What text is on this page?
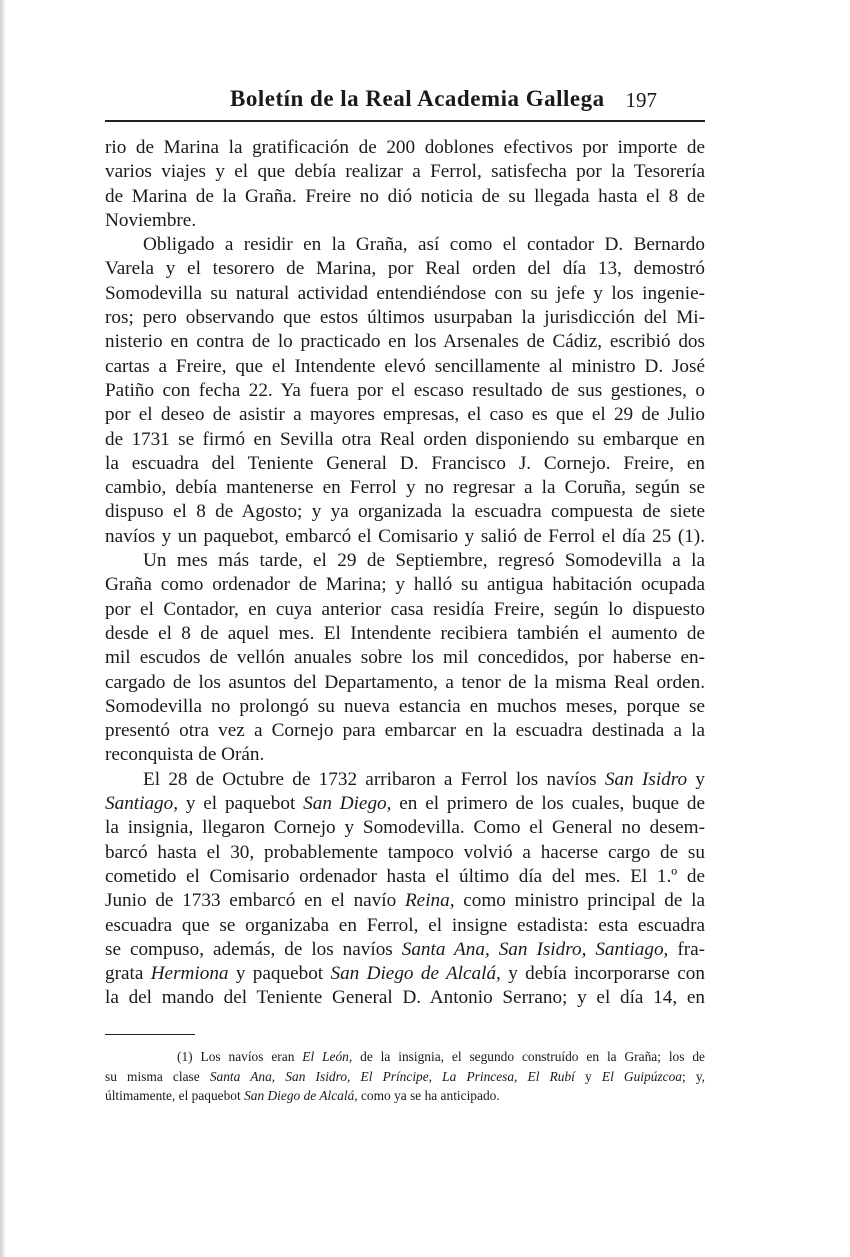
Boletín de la Real Academia Gallega 197
rio de Marina la gratificación de 200 doblones efectivos por importe de
varios viajes y el que debía realizar a Ferrol, satisfecha por la Tesorería
de Marina de la Graña. Freire no dió noticia de su llegada hasta el 8 de
Noviembre.
Obligado a residir en la Graña, así como el contador D. Bernardo
Varela y el tesorero de Marina, por Real orden del día 13, demostró
Somodevilla su natural actividad entendiéndose con su jefe y los ingenie-
ros; pero observando que estos últimos usurpaban la jurisdicción del Mi-
nisterio en contra de lo practicado en los Arsenales de Cádiz, escribió dos
cartas a Freire, que el Intendente elevó sencillamente al ministro D. José
Patiño con fecha 22. Ya fuera por el escaso resultado de sus gestiones, o
por el deseo de asistir a mayores empresas, el caso es que el 29 de Julio
de 1731 se firmó en Sevilla otra Real orden disponiendo su embarque en
la escuadra del Teniente General D. Francisco J. Cornejo. Freire, en
cambio, debía mantenerse en Ferrol y no regresar a la Coruña, según se
dispuso el 8 de Agosto; y ya organizada la escuadra compuesta de siete
navíos y un paquebot, embarcó el Comisario y salió de Ferrol el día 25 (1).
Un mes más tarde, el 29 de Septiembre, regresó Somodevilla a la
Graña como ordenador de Marina; y halló su antigua habitación ocupada
por el Contador, en cuya anterior casa residía Freire, según lo dispuesto
desde el 8 de aquel mes. El Intendente recibiera también el aumento de
mil escudos de vellón anuales sobre los mil concedidos, por haberse en-
cargado de los asuntos del Departamento, a tenor de la misma Real orden.
Somodevilla no prolongó su nueva estancia en muchos meses, porque se
presentó otra vez a Cornejo para embarcar en la escuadra destinada a la
reconquista de Orán.
El 28 de Octubre de 1732 arribaron a Ferrol los navíos San Isidro y
Santiago, y el paquebot San Diego, en el primero de los cuales, buque de
la insignia, llegaron Cornejo y Somodevilla. Como el General no desem-
barcó hasta el 30, probablemente tampoco volvió a hacerse cargo de su
cometido el Comisario ordenador hasta el último día del mes. El 1.º de
Junio de 1733 embarcó en el navío Reina, como ministro principal de la
escuadra que se organizaba en Ferrol, el insigne estadista: esta escuadra
se compuso, además, de los navíos Santa Ana, San Isidro, Santiago, fra-
grata Hermiona y paquebot San Diego de Alcalá, y debía incorporarse con
la del mando del Teniente General D. Antonio Serrano; y el día 14, en
(1) Los navíos eran El León, de la insignia, el segundo construído en la Graña; los de
su misma clase Santa Ana, San Isidro, El Príncipe, La Princesa, El Rubí y El Guipúzcoa; y,
últimamente, el paquebot San Diego de Alcalá, como ya se ha anticipado.
